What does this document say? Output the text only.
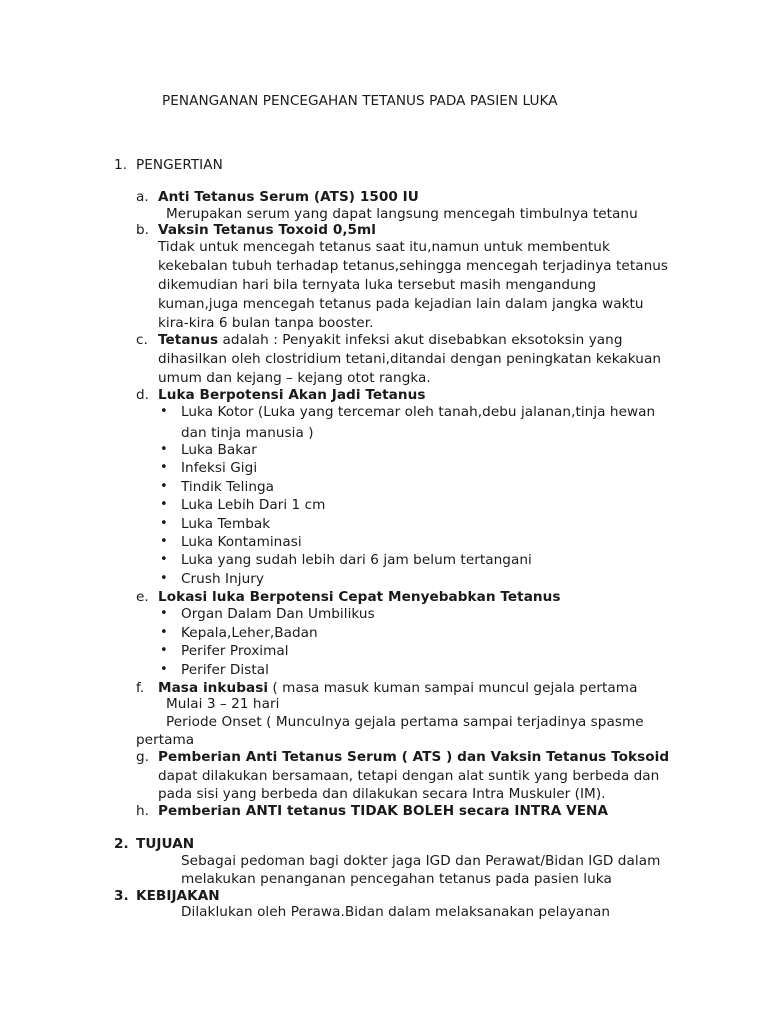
PENANGANAN PENCEGAHAN TETANUS PADA PASIEN LUKA
1. PENGERTIAN
a. Anti Tetanus Serum (ATS) 1500 IU
Merupakan serum yang dapat langsung mencegah timbulnya tetanu
b. Vaksin Tetanus Toxoid 0,5ml
Tidak untuk mencegah tetanus saat itu,namun untuk membentuk
kekebalan tubuh terhadap tetanus,sehingga mencegah terjadinya tetanus
dikemudian hari bila ternyata luka tersebut masih mengandung
kuman,juga mencegah tetanus pada kejadian lain dalam jangka waktu
kira-kira 6 bulan tanpa booster.
c. Tetanus adalah : Penyakit infeksi akut disebabkan eksotoksin yang
dihasilkan oleh clostridium tetani,ditandai dengan peningkatan kekakuan
umum dan kejang – kejang otot rangka.
d. Luka Berpotensi Akan Jadi Tetanus
• Luka Kotor (Luka yang tercemar oleh tanah,debu jalanan,tinja hewan
dan tinja manusia )
• Luka Bakar
• Infeksi Gigi
• Tindik Telinga
• Luka Lebih Dari 1 cm
• Luka Tembak
• Luka Kontaminasi
• Luka yang sudah lebih dari 6 jam belum tertangani
• Crush Injury
e. Lokasi luka Berpotensi Cepat Menyebabkan Tetanus
• Organ Dalam Dan Umbilikus
• Kepala,Leher,Badan
• Perifer Proximal
• Perifer Distal
f. Masa inkubasi ( masa masuk kuman sampai muncul gejala pertama
Mulai 3 – 21 hari
Periode Onset ( Munculnya gejala pertama sampai terjadinya spasme
pertama
g. Pemberian Anti Tetanus Serum ( ATS ) dan Vaksin Tetanus Toksoid
dapat dilakukan bersamaan, tetapi dengan alat suntik yang berbeda dan
pada sisi yang berbeda dan dilakukan secara Intra Muskuler (IM).
h. Pemberian ANTI tetanus TIDAK BOLEH secara INTRA VENA
2. TUJUAN
Sebagai pedoman bagi dokter jaga IGD dan Perawat/Bidan IGD dalam
melakukan penanganan pencegahan tetanus pada pasien luka
3. KEBIJAKAN
Dilaklukan oleh Perawa.Bidan dalam melaksanakan pelayanan
